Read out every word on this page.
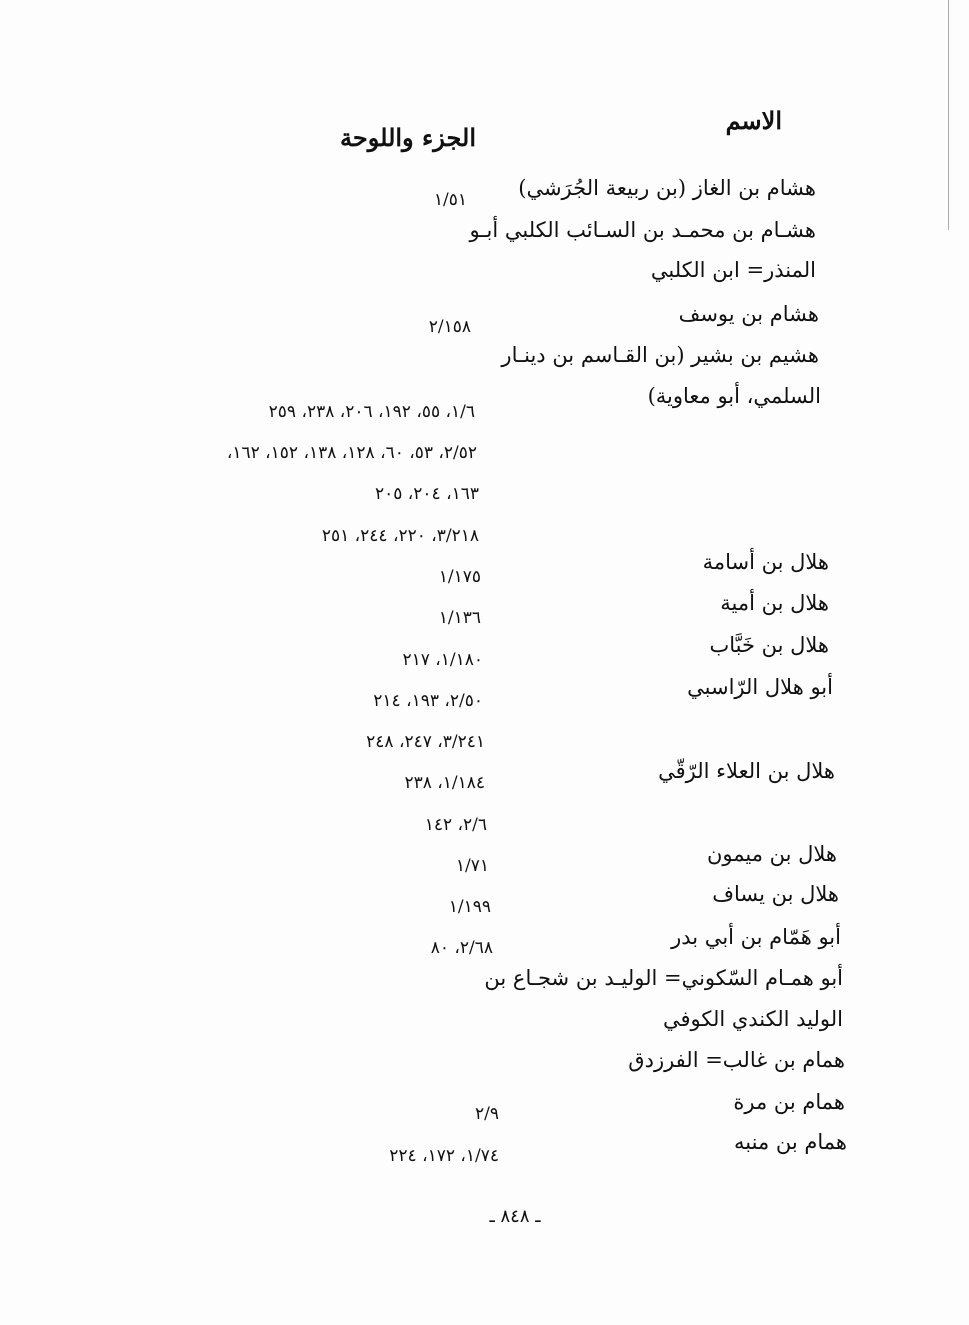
الاسم
الجزء واللوحة
هشام بن الغاز (بن ربيعة الجُرَشي)
هشـام بن محمـد بن السـائب الكلبي أبـو
المنذر= ابن الكلبي
هشام بن يوسف
هشيم بن بشير (بن القـاسم بن دينـار
السلمي، أبو معاوية)
هلال بن أسامة
هلال بن أمية
هلال بن خَبَّاب
أبو هلال الرّاسبي
هلال بن العلاء الرّقّي
هلال بن ميمون
هلال بن يساف
أبو هَمّام بن أبي بدر
أبو همـام السّكوني= الوليـد بن شجـاع بن
الوليد الكندي الكوفي
همام بن غالب= الفرزدق
همام بن مرة
همام بن منبه
١/٥١
٢/١٥٨
١/٦، ٥٥، ١٩٢، ٢٠٦، ٢٣٨، ٢٥٩
٢/٥٢، ٥٣، ٦٠، ١٢٨، ١٣٨، ١٥٢، ١٦٢،
١٦٣، ٢٠٤، ٢٠٥
٣/٢١٨، ٢٢٠، ٢٤٤، ٢٥١
١/١٧٥
١/١٣٦
١/١٨٠، ٢١٧
٢/٥٠، ١٩٣، ٢١٤
٣/٢٤١، ٢٤٧، ٢٤٨
١/١٨٤، ٢٣٨
٢/٦، ١٤٢
١/٧١
١/١٩٩
٢/٦٨، ٨٠
٢/٩
١/٧٤، ١٧٢، ٢٢٤
ـ ٨٤٨ ـ
